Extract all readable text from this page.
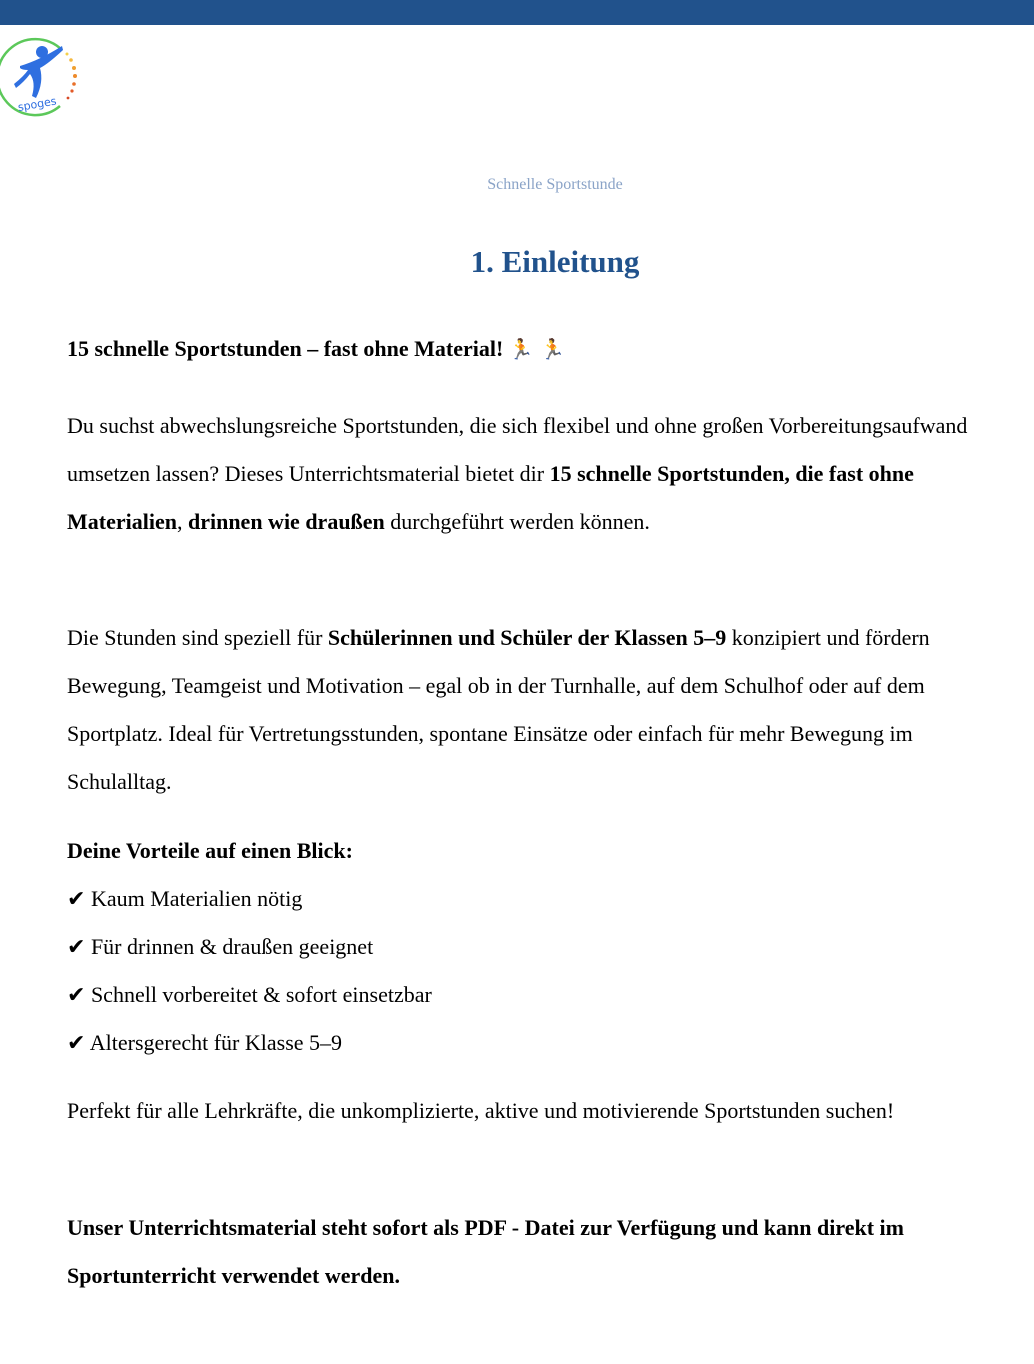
spoges
Schnelle Sportstunde
1. Einleitung
15 schnelle Sportstunden – fast ohne Material! 🏃 🏃
Du suchst abwechslungsreiche Sportstunden, die sich flexibel und ohne großen Vorbereitungsaufwand umsetzen lassen? Dieses Unterrichtsmaterial bietet dir 15 schnelle Sportstunden, die fast ohne Materialien, drinnen wie draußen durchgeführt werden können.
Die Stunden sind speziell für Schülerinnen und Schüler der Klassen 5–9 konzipiert und fördern Bewegung, Teamgeist und Motivation – egal ob in der Turnhalle, auf dem Schulhof oder auf dem Sportplatz. Ideal für Vertretungsstunden, spontane Einsätze oder einfach für mehr Bewegung im Schulalltag.
Deine Vorteile auf einen Blick:
✔ Kaum Materialien nötig
✔ Für drinnen & draußen geeignet
✔ Schnell vorbereitet & sofort einsetzbar
✔ Altersgerecht für Klasse 5–9
Perfekt für alle Lehrkräfte, die unkomplizierte, aktive und motivierende Sportstunden suchen!
Unser Unterrichtsmaterial steht sofort als PDF - Datei zur Verfügung und kann direkt im Sportunterricht verwendet werden.
